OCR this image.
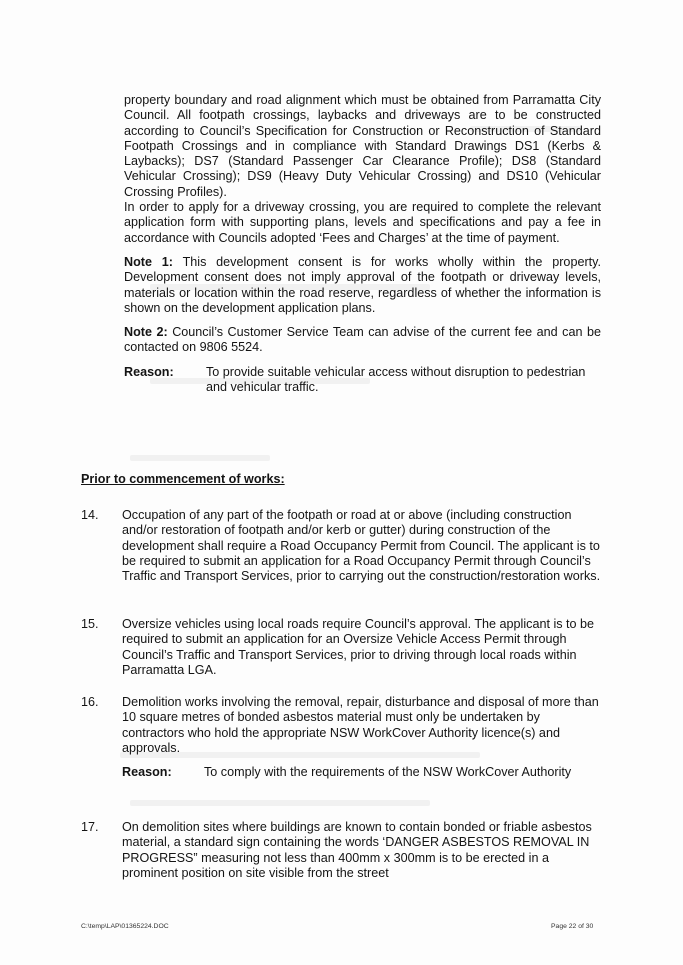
property boundary and road alignment which must be obtained from Parramatta City Council. All footpath crossings, laybacks and driveways are to be constructed according to Council’s Specification for Construction or Reconstruction of Standard Footpath Crossings and in compliance with Standard Drawings DS1 (Kerbs & Laybacks); DS7 (Standard Passenger Car Clearance Profile); DS8 (Standard Vehicular Crossing); DS9 (Heavy Duty Vehicular Crossing) and DS10 (Vehicular Crossing Profiles).

In order to apply for a driveway crossing, you are required to complete the relevant application form with supporting plans, levels and specifications and pay a fee in accordance with Councils adopted ‘Fees and Charges’ at the time of payment.

Note 1: This development consent is for works wholly within the property. Development consent does not imply approval of the footpath or driveway levels, materials or location within the road reserve, regardless of whether the information is shown on the development application plans.

Note 2: Council’s Customer Service Team can advise of the current fee and can be contacted on 9806 5524.

Reason:	To provide suitable vehicular access without disruption to pedestrian and vehicular traffic.
Prior to commencement of works:
14.	Occupation of any part of the footpath or road at or above (including construction and/or restoration of footpath and/or kerb or gutter) during construction of the development shall require a Road Occupancy Permit from Council. The applicant is to be required to submit an application for a Road Occupancy Permit through Council’s Traffic and Transport Services, prior to carrying out the construction/restoration works.

15.	Oversize vehicles using local roads require Council’s approval. The applicant is to be required to submit an application for an Oversize Vehicle Access Permit through Council’s Traffic and Transport Services, prior to driving through local roads within Parramatta LGA.

16.	Demolition works involving the removal, repair, disturbance and disposal of more than 10 square metres of bonded asbestos material must only be undertaken by contractors who hold the appropriate NSW WorkCover Authority licence(s) and approvals.

Reason:	To comply with the requirements of the NSW WorkCover Authority
17.	On demolition sites where buildings are known to contain bonded or friable asbestos material, a standard sign containing the words ‘DANGER ASBESTOS REMOVAL IN PROGRESS” measuring not less than 400mm x 300mm is to be erected in a prominent position on site visible from the street

C:\temp\LAP\01365224.DOC	Page 22 of 30
